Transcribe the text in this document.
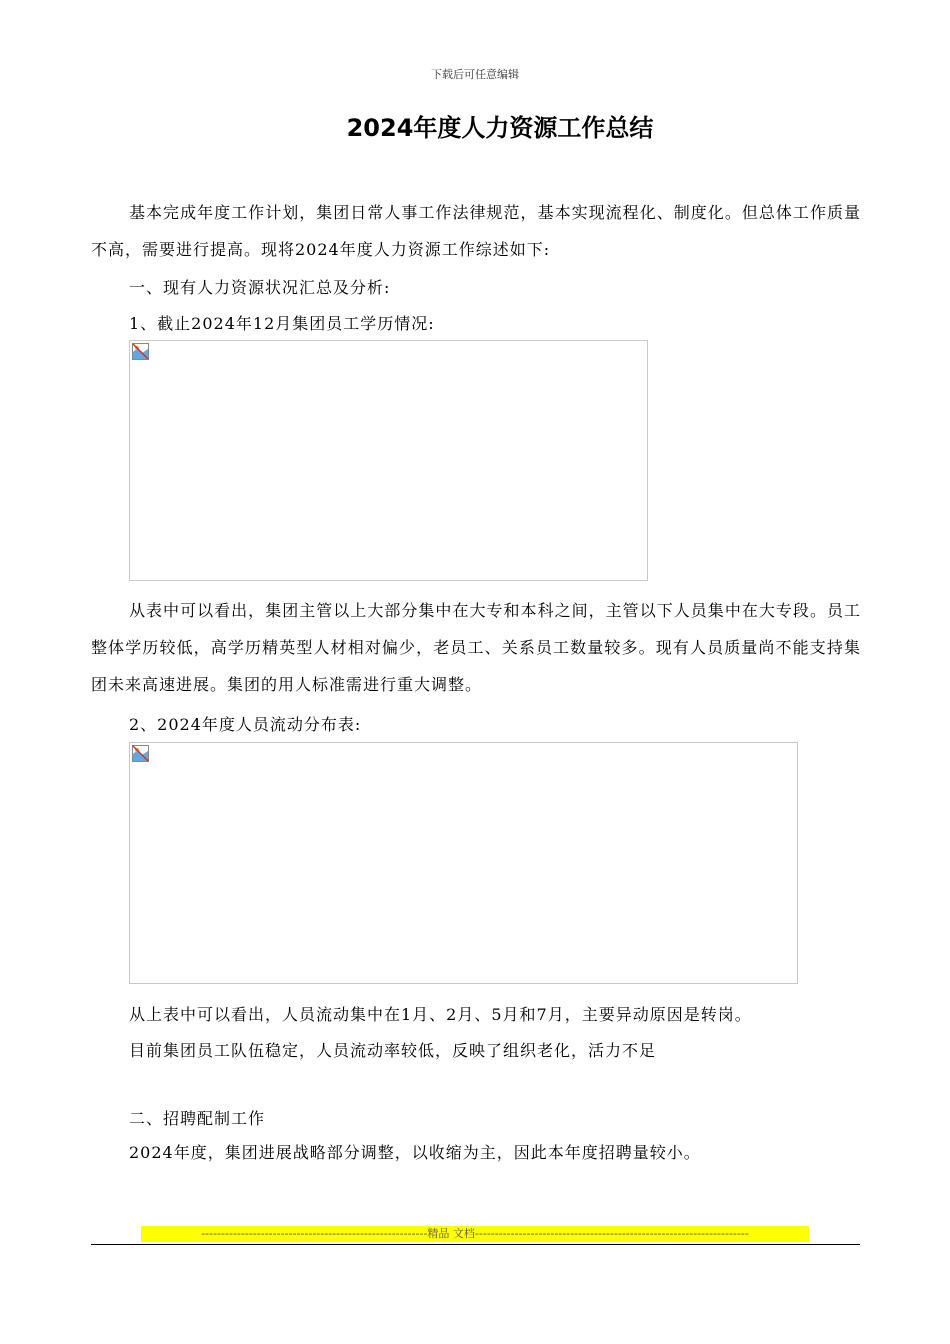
下载后可任意编辑
2024年度人力资源工作总结

基本完成年度工作计划，集团日常人事工作法律规范，基本实现流程化、制度化。但总体工作质量不高，需要进行提高。现将2024年度人力资源工作综述如下:

一、现有人力资源状况汇总及分析:

1、截止2024年12月集团员工学历情况:

从表中可以看出，集团主管以上大部分集中在大专和本科之间，主管以下人员集中在大专段。员工整体学历较低，高学历精英型人材相对偏少，老员工、关系员工数量较多。现有人员质量尚不能支持集团未来高速进展。集团的用人标准需进行重大调整。

2、2024年度人员流动分布表:

从上表中可以看出，人员流动集中在1月、2月、5月和7月，主要异动原因是转岗。

目前集团员工队伍稳定，人员流动率较低，反映了组织老化，活力不足

二、招聘配制工作

2024年度，集团进展战略部分调整，以收缩为主，因此本年度招聘量较小。

---------------------------------------------------------精品 文档---------------------------------------------------------------------
